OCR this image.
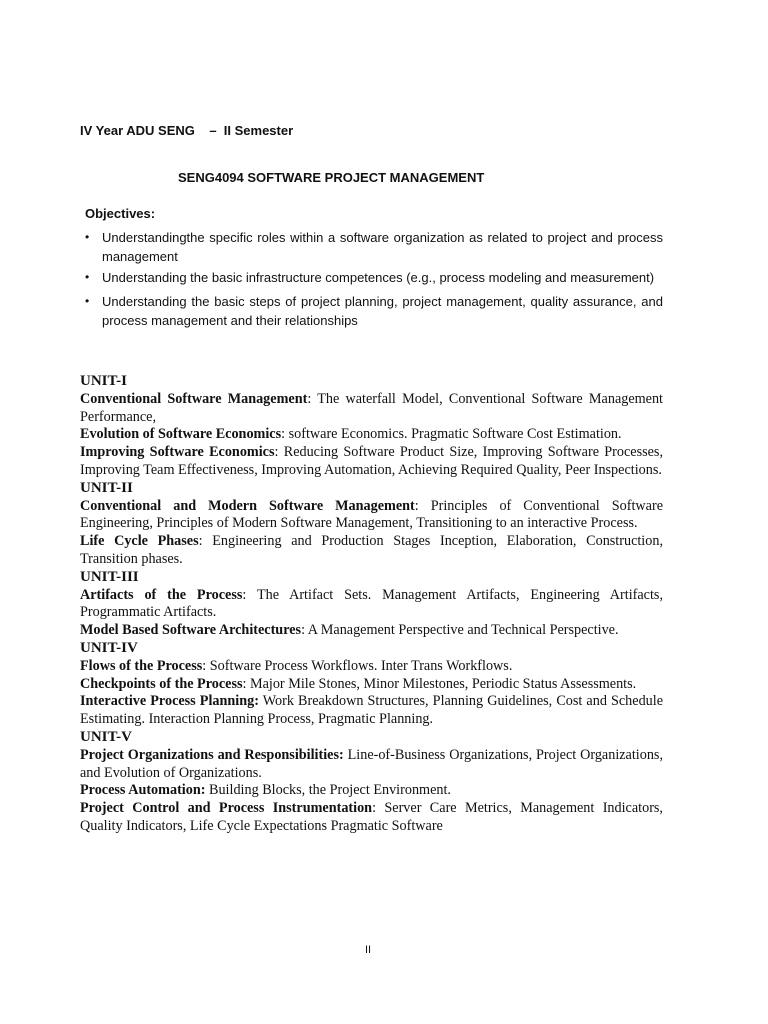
IV Year ADU SENG    –  II Semester
SENG4094 SOFTWARE PROJECT MANAGEMENT
Objectives:
• Understandingthe specific roles within a software organization as related to project and process management
• Understanding the basic infrastructure competences (e.g., process modeling and measurement)
• Understanding the basic steps of project planning, project management, quality assurance, and process management and their relationships
UNIT-I
Conventional Software Management: The waterfall Model, Conventional Software Management Performance,
Evolution of Software Economics: software Economics. Pragmatic Software Cost Estimation.
Improving Software Economics: Reducing Software Product Size, Improving Software Processes, Improving Team Effectiveness, Improving Automation, Achieving Required Quality, Peer Inspections.
UNIT-II
Conventional and Modern Software Management: Principles of Conventional Software Engineering, Principles of Modern Software Management, Transitioning to an interactive Process.
Life Cycle Phases: Engineering and Production Stages Inception, Elaboration, Construction, Transition phases.
UNIT-III
Artifacts of the Process: The Artifact Sets. Management Artifacts, Engineering Artifacts, Programmatic Artifacts.
Model Based Software Architectures: A Management Perspective and Technical Perspective.
UNIT-IV
Flows of the Process: Software Process Workflows. Inter Trans Workflows.
Checkpoints of the Process: Major Mile Stones, Minor Milestones, Periodic Status Assessments.
Interactive Process Planning: Work Breakdown Structures, Planning Guidelines, Cost and Schedule Estimating. Interaction Planning Process, Pragmatic Planning.
UNIT-V
Project Organizations and Responsibilities: Line-of-Business Organizations, Project Organizations, and Evolution of Organizations.
Process Automation: Building Blocks, the Project Environment.
Project Control and Process Instrumentation: Server Care Metrics, Management Indicators, Quality Indicators, Life Cycle Expectations Pragmatic Software
II
